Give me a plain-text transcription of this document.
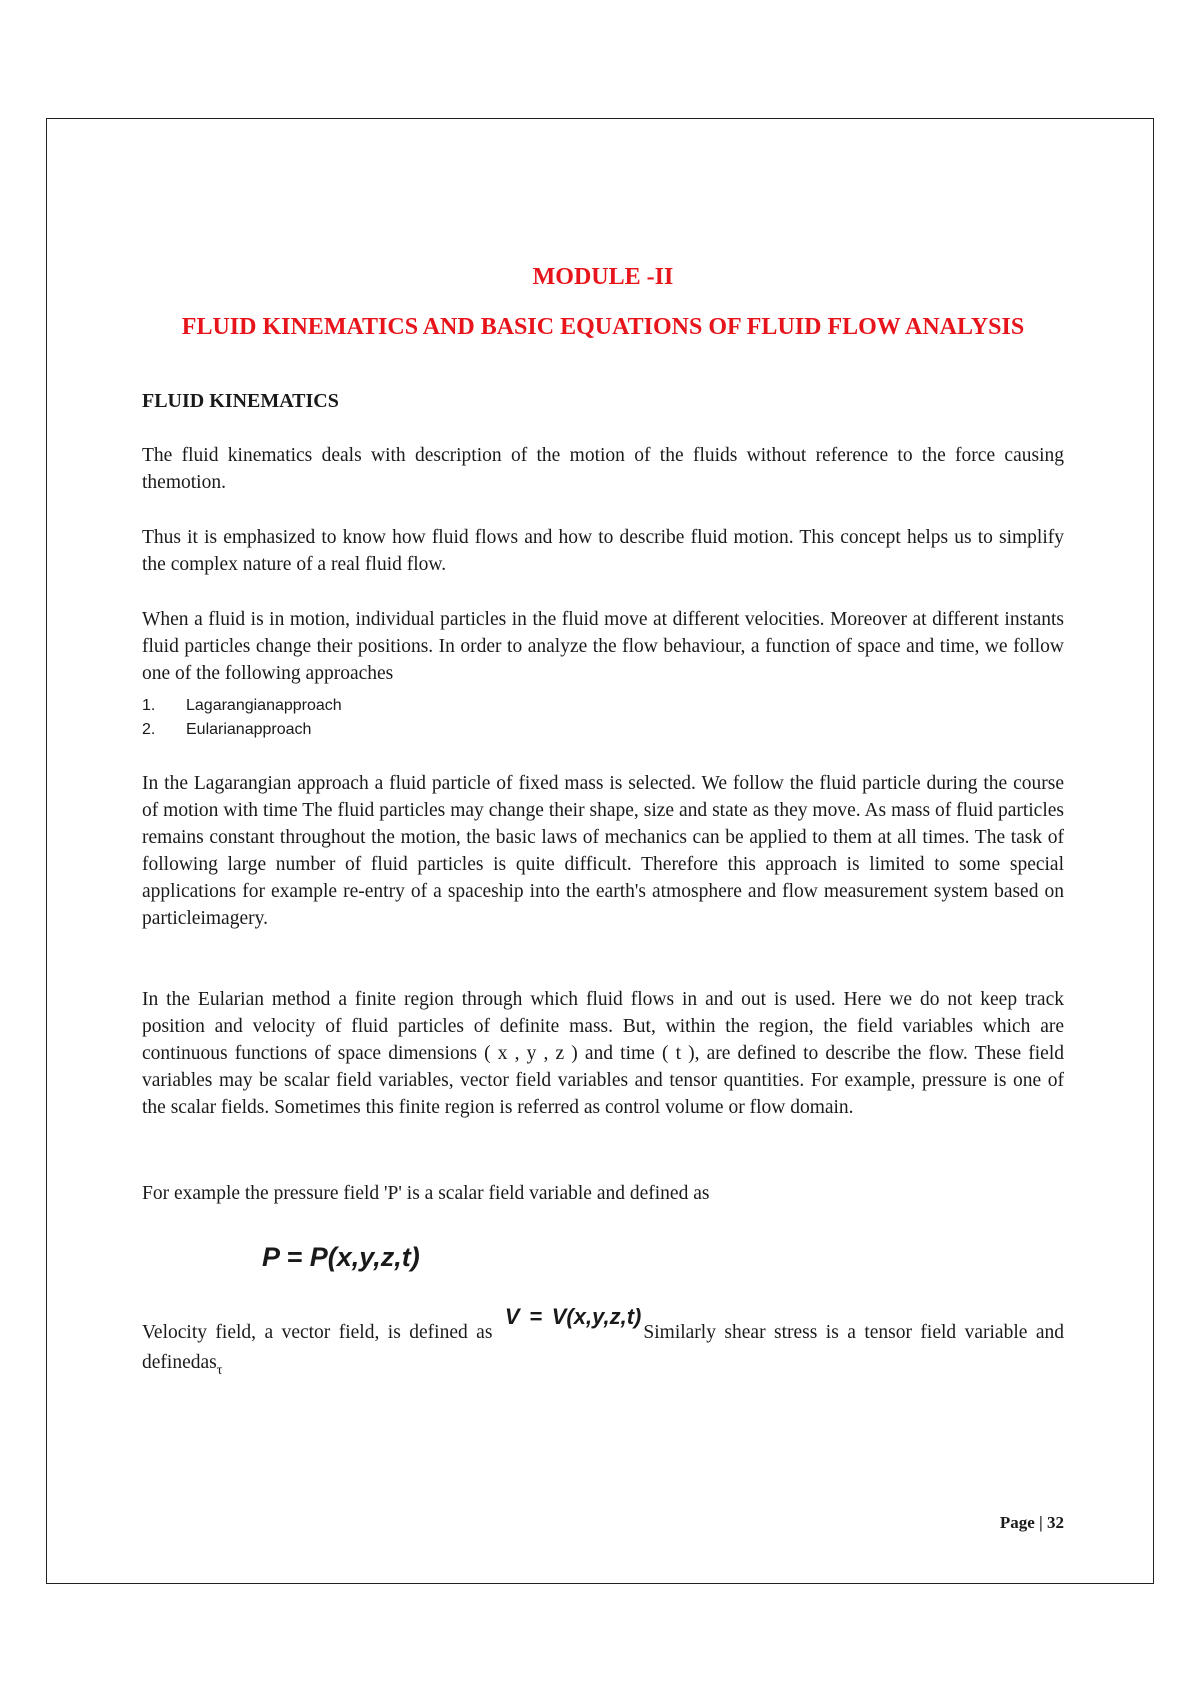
MODULE -II
FLUID KINEMATICS AND BASIC EQUATIONS OF FLUID FLOW ANALYSIS
FLUID KINEMATICS

The fluid kinematics deals with description of the motion of the fluids without reference to the force causing themotion.

Thus it is emphasized to know how fluid flows and how to describe fluid motion. This concept helps us to simplify the complex nature of a real fluid flow.

When a fluid is in motion, individual particles in the fluid move at different velocities. Moreover at different instants fluid particles change their positions. In order to analyze the flow behaviour, a function of space and time, we follow one of the following approaches

1.	Lagarangianapproach
2.	Eularianapproach

In the Lagarangian approach a fluid particle of fixed mass is selected. We follow the fluid particle during the course of motion with time The fluid particles may change their shape, size and state as they move. As mass of fluid particles remains constant throughout the motion, the basic laws of mechanics can be applied to them at all times. The task of following large number of fluid particles is quite difficult. Therefore this approach is limited to some special applications for example re-entry of a spaceship into the earth's atmosphere and flow measurement system based on particleimagery.

In the Eularian method a finite region through which fluid flows in and out is used. Here we do not keep track position and velocity of fluid particles of definite mass. But, within the region, the field variables which are continuous functions of space dimensions ( x , y , z ) and time ( t ), are defined to describe the flow. These field variables may be scalar field variables, vector field variables and tensor quantities. For example, pressure is one of the scalar fields. Sometimes this finite region is referred as control volume or flow domain.

For example the pressure field 'P' is a scalar field variable and defined as

P = P(x,y,z,t)

Velocity field, a vector field, is defined as V = V(x,y,z,t)Similarly shear stress is a tensor field variable and definedas$_\tau$

Page | 32
